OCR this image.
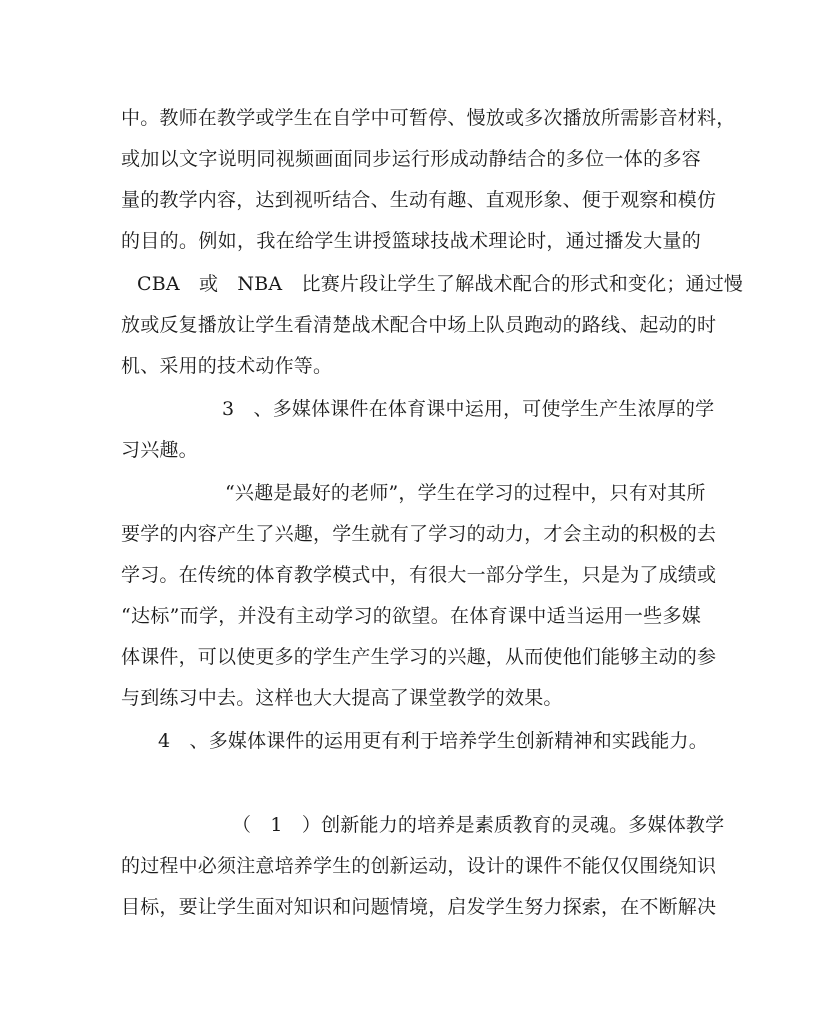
中。教师在教学或学生在自学中可暂停、慢放或多次播放所需影音材料，
或加以文字说明同视频画面同步运行形成动静结合的多位一体的多容
量的教学内容，达到视听结合、生动有趣、直观形象、便于观察和模仿
的目的。例如，我在给学生讲授篮球技战术理论时，通过播发大量的
CBA　或　NBA　比赛片段让学生了解战术配合的形式和变化；通过慢
放或反复播放让学生看清楚战术配合中场上队员跑动的路线、起动的时
机、采用的技术动作等。
3　、多媒体课件在体育课中运用，可使学生产生浓厚的学
习兴趣。
“兴趣是最好的老师”，学生在学习的过程中，只有对其所
要学的内容产生了兴趣，学生就有了学习的动力，才会主动的积极的去
学习。在传统的体育教学模式中，有很大一部分学生，只是为了成绩或
“达标”而学，并没有主动学习的欲望。在体育课中适当运用一些多媒
体课件，可以使更多的学生产生学习的兴趣，从而使他们能够主动的参
与到练习中去。这样也大大提高了课堂教学的效果。
4　、多媒体课件的运用更有利于培养学生创新精神和实践能力。
（　1　）创新能力的培养是素质教育的灵魂。多媒体教学
的过程中必须注意培养学生的创新运动，设计的课件不能仅仅围绕知识
目标，要让学生面对知识和问题情境，启发学生努力探索，在不断解决
